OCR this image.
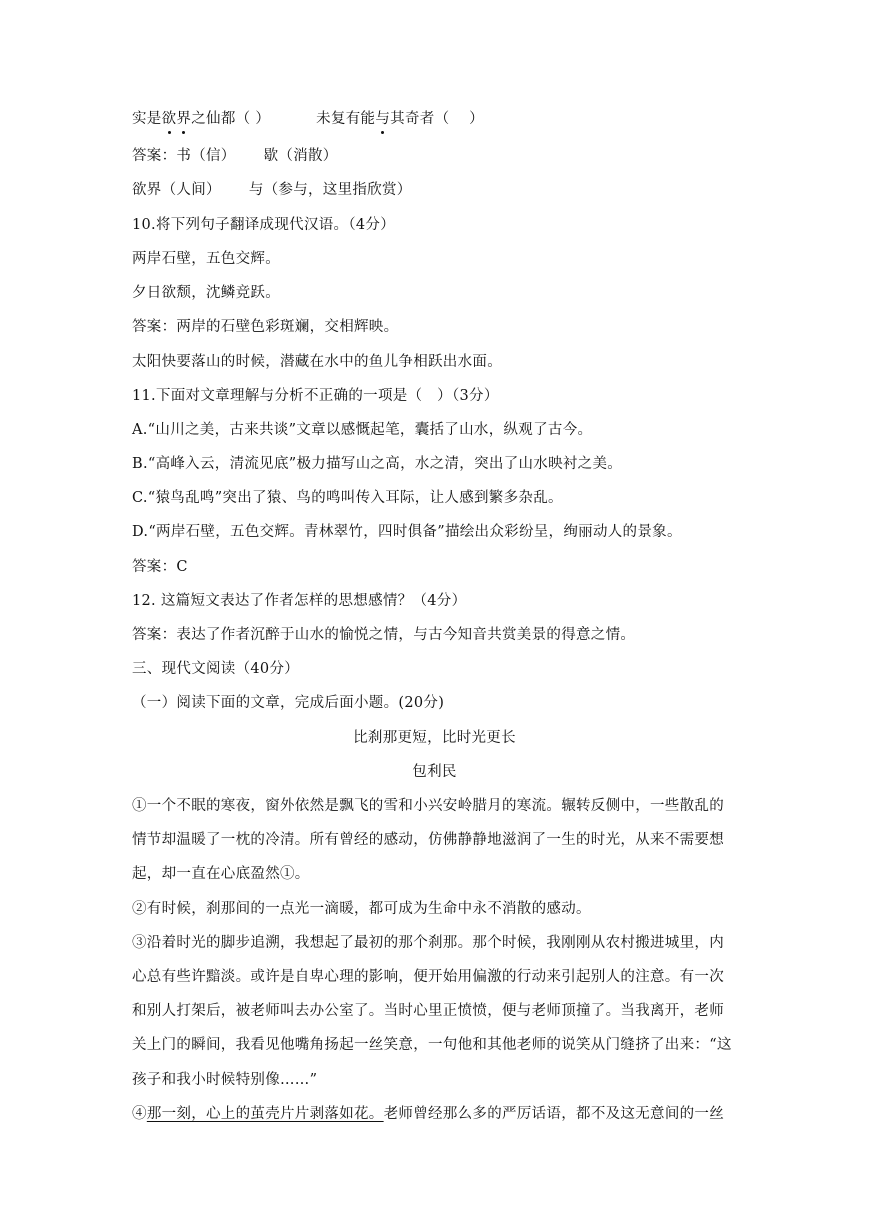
实是欲界之仙都（ ）	未复有能与其奇者（　 ）
答案：书（信） 歇（消散）
欲界（人间） 与（参与，这里指欣赏）
10.将下列句子翻译成现代汉语。（4分）
两岸石壁，五色交辉。
夕日欲颓，沈鳞竞跃。
答案：两岸的石壁色彩斑斓，交相辉映。
太阳快要落山的时候，潜藏在水中的鱼儿争相跃出水面。
11.下面对文章理解与分析不正确的一项是（　）（3分）
A.“山川之美，古来共谈”文章以感慨起笔，囊括了山水，纵观了古今。
B.“高峰入云，清流见底”极力描写山之高，水之清，突出了山水映衬之美。
C.“猿鸟乱鸣”突出了猿、鸟的鸣叫传入耳际，让人感到繁多杂乱。
D.“两岸石壁，五色交辉。青林翠竹，四时俱备”描绘出众彩纷呈，绚丽动人的景象。
答案：C
12. 这篇短文表达了作者怎样的思想感情？（4分）
答案：表达了作者沉醉于山水的愉悦之情，与古今知音共赏美景的得意之情。
三、现代文阅读（40分）
（一）阅读下面的文章，完成后面小题。(20分)
比刹那更短，比时光更长
包利民
①一个不眠的寒夜，窗外依然是飘飞的雪和小兴安岭腊月的寒流。辗转反侧中，一些散乱的
情节却温暖了一枕的冷清。所有曾经的感动，仿佛静静地滋润了一生的时光，从来不需要想
起，却一直在心底盈然①。
②有时候，刹那间的一点光一滴暖，都可成为生命中永不消散的感动。
③沿着时光的脚步追溯，我想起了最初的那个刹那。那个时候，我刚刚从农村搬进城里，内
心总有些许黯淡。或许是自卑心理的影响，便开始用偏激的行动来引起别人的注意。有一次
和别人打架后，被老师叫去办公室了。当时心里正愤愤，便与老师顶撞了。当我离开，老师
关上门的瞬间，我看见他嘴角扬起一丝笑意，一句他和其他老师的说笑从门缝挤了出来：“这
孩子和我小时候特别像……”
④那一刻，心上的茧壳片片剥落如花。老师曾经那么多的严厉话语，都不及这无意间的一丝
